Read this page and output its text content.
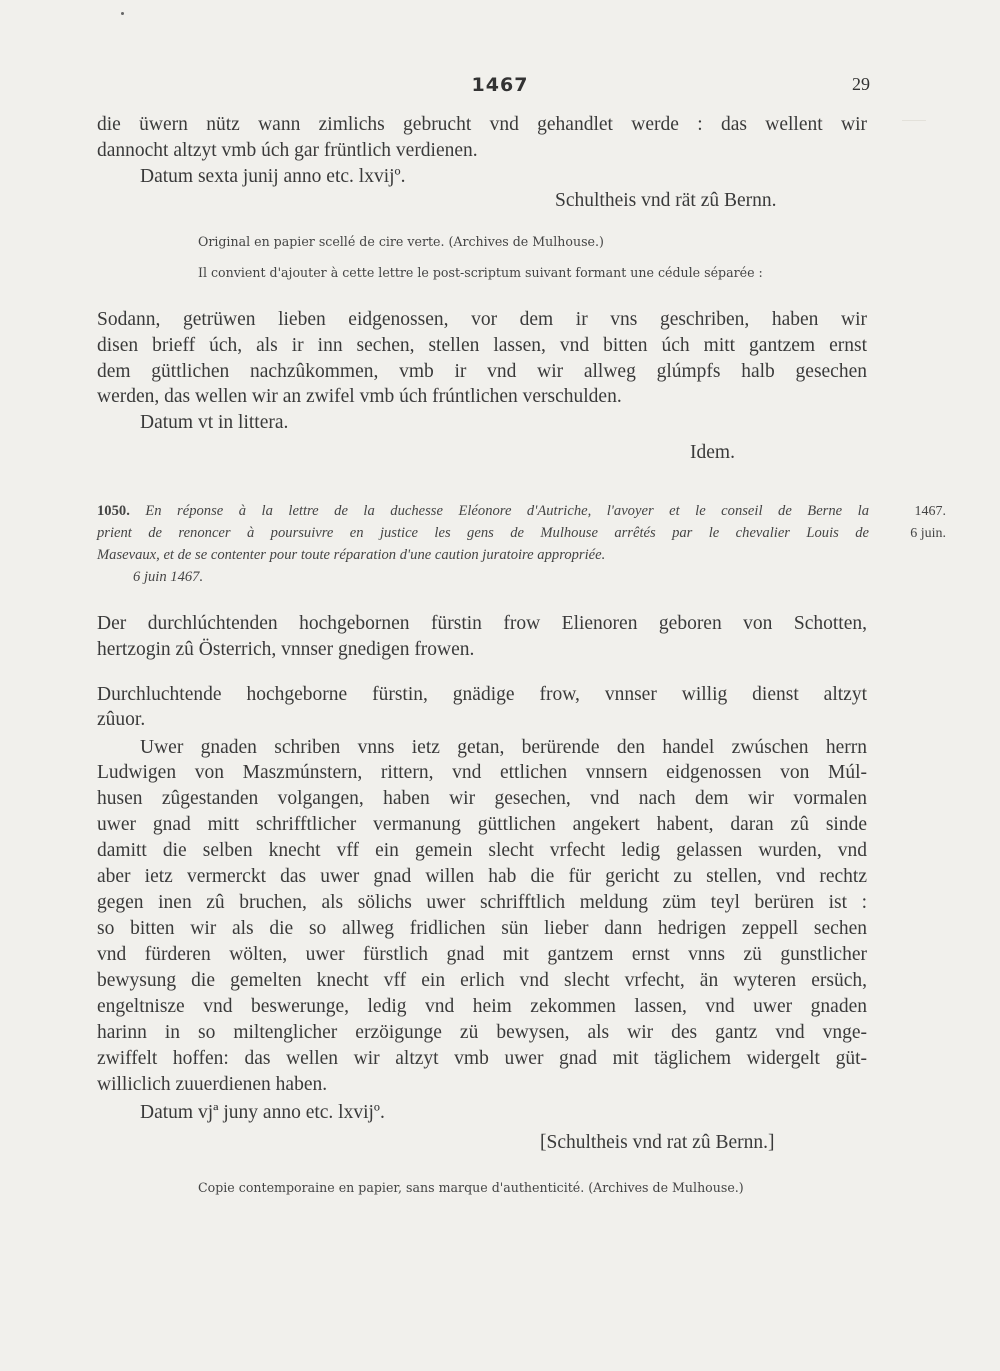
1467	29
die üwern nütz wann zimlichs gebrucht vnd gehandlet werde : das wellent wir
dannocht altzyt vmb úch gar früntlich verdienen.
Datum sexta junij anno etc. lxvijº.
Schultheis vnd rät zû Bernn.
Original en papier scellé de cire verte. (Archives de Mulhouse.)
Il convient d'ajouter à cette lettre le post-scriptum suivant formant une cédule séparée :
Sodann, getrüwen lieben eidgenossen, vor dem ir vns geschriben, haben wir
disen brieff úch, als ir inn sechen, stellen lassen, vnd bitten úch mitt gantzem ernst
dem güttlichen nachzûkommen, vmb ir vnd wir allweg glúmpfs halb gesechen
werden, das wellen wir an zwifel vmb úch frúntlichen verschulden.
Datum vt in littera.
Idem.
1050. En réponse à la lettre de la duchesse Eléonore d'Autriche, l'avoyer et le conseil de Berne la
prient de renoncer à poursuivre en justice les gens de Mulhouse arrêtés par le chevalier Louis de
Masevaux, et de se contenter pour toute réparation d'une caution juratoire appropriée.
6 juin 1467.
1467.
6 juin.
Der durchlúchtenden hochgebornen fürstin frow Elienoren geboren von Schotten,
hertzogin zû Österrich, vnnser gnedigen frowen.
Durchluchtende hochgeborne fürstin, gnädige frow, vnnser willig dienst altzyt
zûuor.
Uwer gnaden schriben vnns ietz getan, berürende den handel zwúschen herrn
Ludwigen von Maszmúnstern, rittern, vnd ettlichen vnnsern eidgenossen von Múl-
husen zûgestanden volgangen, haben wir gesechen, vnd nach dem wir vormalen
uwer gnad mitt schrifftlicher vermanung güttlichen angekert habent, daran zû sinde
damitt die selben knecht vff ein gemein slecht vrfecht ledig gelassen wurden, vnd
aber ietz vermerckt das uwer gnad willen hab die für gericht zu stellen, vnd rechtz
gegen inen zû bruchen, als sölichs uwer schrifftlich meldung züm teyl berüren ist :
so bitten wir als die so allweg fridlichen sün lieber dann hedrigen zeppell sechen
vnd fürderen wölten, uwer fürstlich gnad mit gantzem ernst vnns zü gunstlicher
bewysung die gemelten knecht vff ein erlich vnd slecht vrfecht, än wyteren ersüch,
engeltnisze vnd beswerunge, ledig vnd heim zekommen lassen, vnd uwer gnaden
harinn in so miltenglicher erzöigunge zü bewysen, als wir des gantz vnd vnge-
zwiffelt hoffen: das wellen wir altzyt vmb uwer gnad mit täglichem widergelt güt-
williclich zuuerdienen haben.
Datum vjª juny anno etc. lxvijº.
[Schultheis vnd rat zû Bernn.]
Copie contemporaine en papier, sans marque d'authenticité. (Archives de Mulhouse.)
